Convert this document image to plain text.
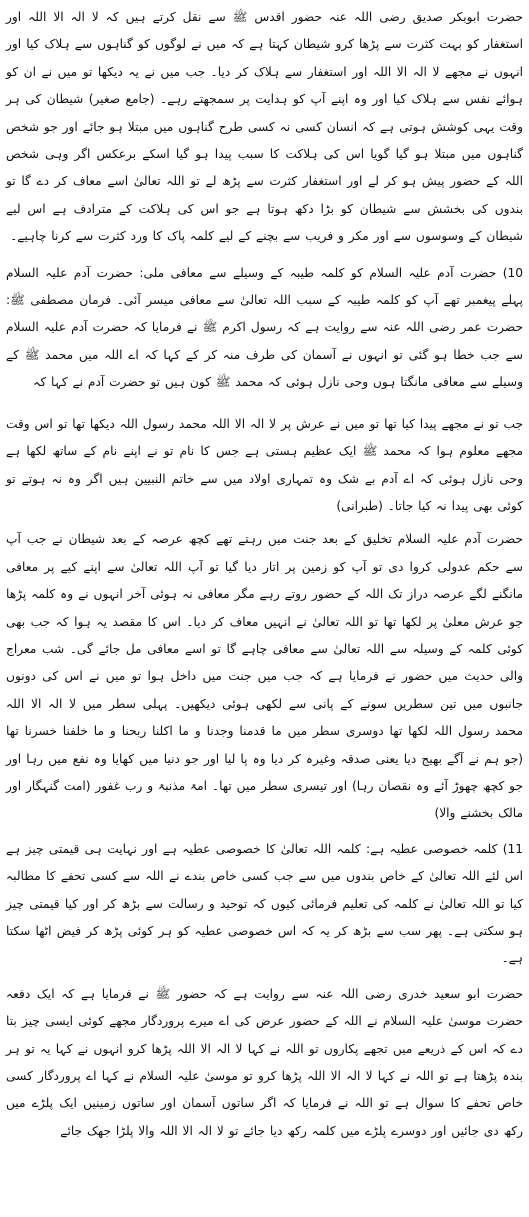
حضرت ابوبکر صدیق رضی اللہ عنہ حضور اقدس ﷺ سے نقل کرتے ہیں کہ لا الہ الا اللہ اور استغفار کو بہت کثرت سے پڑھا کرو شیطان کہتا ہے کہ میں نے لوگوں کو گناہوں سے ہلاک کیا اور انہوں نے مجھے لا الہ الا اللہ اور استغفار سے ہلاک کر دیا۔ جب میں نے یہ دیکھا تو میں نے ان کو ہوائے نفس سے ہلاک کیا اور وہ اپنے آپ کو ہدایت پر سمجھتے رہے۔ (جامع صغیر) شیطان کی ہر وقت یہی کوشش ہوتی ہے کہ انسان کسی نہ کسی طرح گناہوں میں مبتلا ہو جائے اور جو شخص گناہوں میں مبتلا ہو گیا گویا اس کی ہلاکت کا سبب پیدا ہو گیا اسکے برعکس اگر وہی شخص اللہ کے حضور پیش ہو کر لے اور استغفار کثرت سے پڑھ لے تو اللہ تعالیٰ اسے معاف کر دے گا تو بندوں کی بخشش سے شیطان کو بڑا دکھ ہوتا ہے جو اس کی ہلاکت کے مترادف ہے اس لیے شیطان کے وسوسوں سے اور مکر و فریب سے بچنے کے لیے کلمہ پاک کا ورد کثرت سے کرنا چاہیے۔

10) حضرت آدم علیہ السلام کو کلمہ طیبہ کے وسیلے سے معافی ملی: حضرت آدم علیہ السلام پہلے پیغمبر تھے آپ کو کلمہ طیبہ کے سبب اللہ تعالیٰ سے معافی میسر آئی۔ فرمان مصطفی ﷺ: حضرت عمر رضی اللہ عنہ سے روایت ہے کہ رسول اکرم ﷺ نے فرمایا کہ حضرت آدم علیہ السلام سے جب خطا ہو گئی تو انہوں نے آسمان کی طرف منہ کر کے کہا کہ اے اللہ میں محمد ﷺ کے وسیلے سے معافی مانگتا ہوں وحی نازل ہوئی کہ محمد ﷺ کون ہیں تو حضرت آدم نے کہا کہ

جب تو نے مجھے پیدا کیا تھا تو میں نے عرش پر لا الہ الا اللہ محمد رسول اللہ دیکھا تھا تو اس وقت مجھے معلوم ہوا کہ محمد ﷺ ایک عظیم ہستی ہے جس کا نام تو نے اپنے نام کے ساتھ لکھا ہے وحی نازل ہوئی کہ اے آدم بے شک وہ تمہاری اولاد میں سے خاتم النبیین ہیں اگر وہ نہ ہوتے تو کوئی بھی پیدا نہ کیا جاتا۔ (طبرانی)

حضرت آدم علیہ السلام تخلیق کے بعد جنت میں رہتے تھے کچھ عرصہ کے بعد شیطان نے جب آپ سے حکم عدولی کروا دی تو آپ کو زمین پر اتار دیا گیا تو آپ اللہ تعالیٰ سے اپنے کیے پر معافی مانگنے لگے عرصہ دراز تک اللہ کے حضور روتے رہے مگر معافی نہ ہوئی آخر انہوں نے وہ کلمہ پڑھا جو عرش معلیٰ پر لکھا تھا تو اللہ تعالیٰ نے انہیں معاف کر دیا۔ اس کا مقصد یہ ہوا کہ جب بھی کوئی کلمہ کے وسیلہ سے اللہ تعالیٰ سے معافی چاہے گا تو اسے معافی مل جائے گی۔ شب معراج والی حدیث میں حضور نے فرمایا ہے کہ جب میں جنت میں داخل ہوا تو میں نے اس کی دونوں جانبوں میں تین سطریں سونے کے پانی سے لکھی ہوئی دیکھیں۔ پہلی سطر میں لا الہ الا اللہ محمد رسول اللہ لکھا تھا دوسری سطر میں ما قدمنا وجدنا و ما اکلنا ربحنا و ما خلفنا خسرنا تھا (جو ہم نے آگے بھیج دیا یعنی صدقہ وغیرہ کر دیا وہ پا لیا اور جو دنیا میں کھایا وہ نفع میں رہا اور جو کچھ چھوڑ آئے وہ نقصان رہا) اور تیسری سطر میں تھا۔ امۃ مذنبۃ و رب غفور (امت گنہگار اور مالک بخشنے والا)

11) کلمہ خصوصی عطیہ ہے: کلمہ اللہ تعالیٰ کا خصوصی عطیہ ہے اور نہایت ہی قیمتی چیز ہے اس لئے اللہ تعالیٰ کے خاص بندوں میں سے جب کسی خاص بندے نے اللہ سے کسی تحفے کا مطالبہ کیا تو اللہ تعالیٰ نے کلمہ کی تعلیم فرمائی کیوں کہ توحید و رسالت سے بڑھ کر اور کیا قیمتی چیز ہو سکتی ہے۔ پھر سب سے بڑھ کر یہ کہ اس خصوصی عطیہ کو ہر کوئی پڑھ کر فیض اٹھا سکتا ہے۔

حضرت ابو سعید خدری رضی اللہ عنہ سے روایت ہے کہ حضور ﷺ نے فرمایا ہے کہ ایک دفعہ حضرت موسیٰ علیہ السلام نے اللہ کے حضور عرض کی اے میرے پروردگار مجھے کوئی ایسی چیز بتا دے کہ اس کے ذریعے میں تجھے پکاروں تو اللہ نے کہا لا الہ الا اللہ پڑھا کرو انہوں نے کہا یہ تو ہر بندہ پڑھتا ہے تو اللہ نے کہا لا الہ الا اللہ پڑھا کرو تو موسیٰ علیہ السلام نے کہا اے پروردگار کسی خاص تحفے کا سوال ہے تو اللہ نے فرمایا کہ اگر ساتوں آسمان اور ساتوں زمینیں ایک پلڑے میں رکھ دی جائیں اور دوسرے پلڑے میں کلمہ رکھ دیا جائے تو لا الہ الا اللہ والا پلڑا جھک جائے
